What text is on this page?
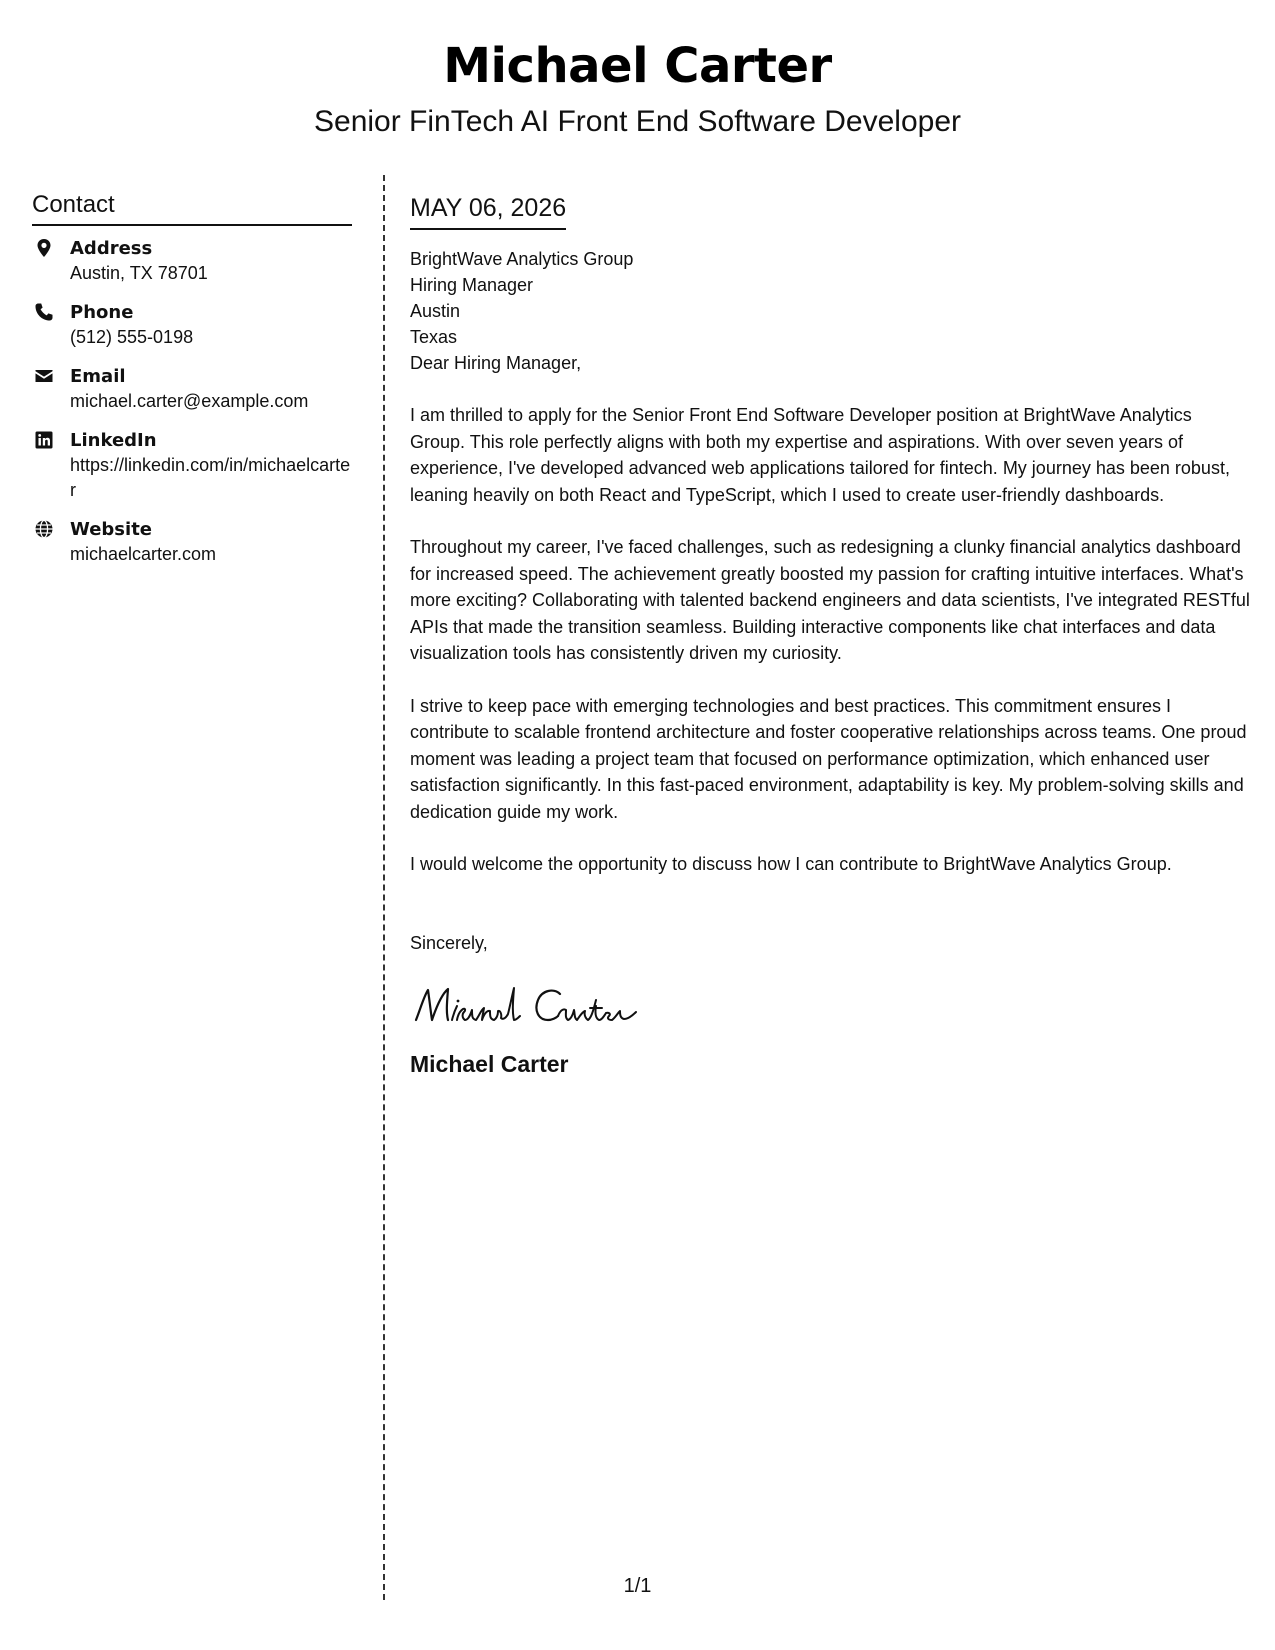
Michael Carter
Senior FinTech AI Front End Software Developer
Contact
Address
Austin, TX 78701
Phone
(512) 555-0198
Email
michael.carter@example.com
LinkedIn
https://linkedin.com/in/michaelcarter
Website
michaelcarter.com
MAY 06, 2026
BrightWave Analytics Group
Hiring Manager
Austin
Texas
Dear Hiring Manager,

I am thrilled to apply for the Senior Front End Software Developer position at BrightWave Analytics Group. This role perfectly aligns with both my expertise and aspirations. With over seven years of experience, I've developed advanced web applications tailored for fintech. My journey has been robust, leaning heavily on both React and TypeScript, which I used to create user-friendly dashboards.

Throughout my career, I've faced challenges, such as redesigning a clunky financial analytics dashboard for increased speed. The achievement greatly boosted my passion for crafting intuitive interfaces. What's more exciting? Collaborating with talented backend engineers and data scientists, I've integrated RESTful APIs that made the transition seamless. Building interactive components like chat interfaces and data visualization tools has consistently driven my curiosity.

I strive to keep pace with emerging technologies and best practices. This commitment ensures I contribute to scalable frontend architecture and foster cooperative relationships across teams. One proud moment was leading a project team that focused on performance optimization, which enhanced user satisfaction significantly. In this fast-paced environment, adaptability is key. My problem-solving skills and dedication guide my work.

I would welcome the opportunity to discuss how I can contribute to BrightWave Analytics Group.

Sincerely,
Michael Carter
1/1
